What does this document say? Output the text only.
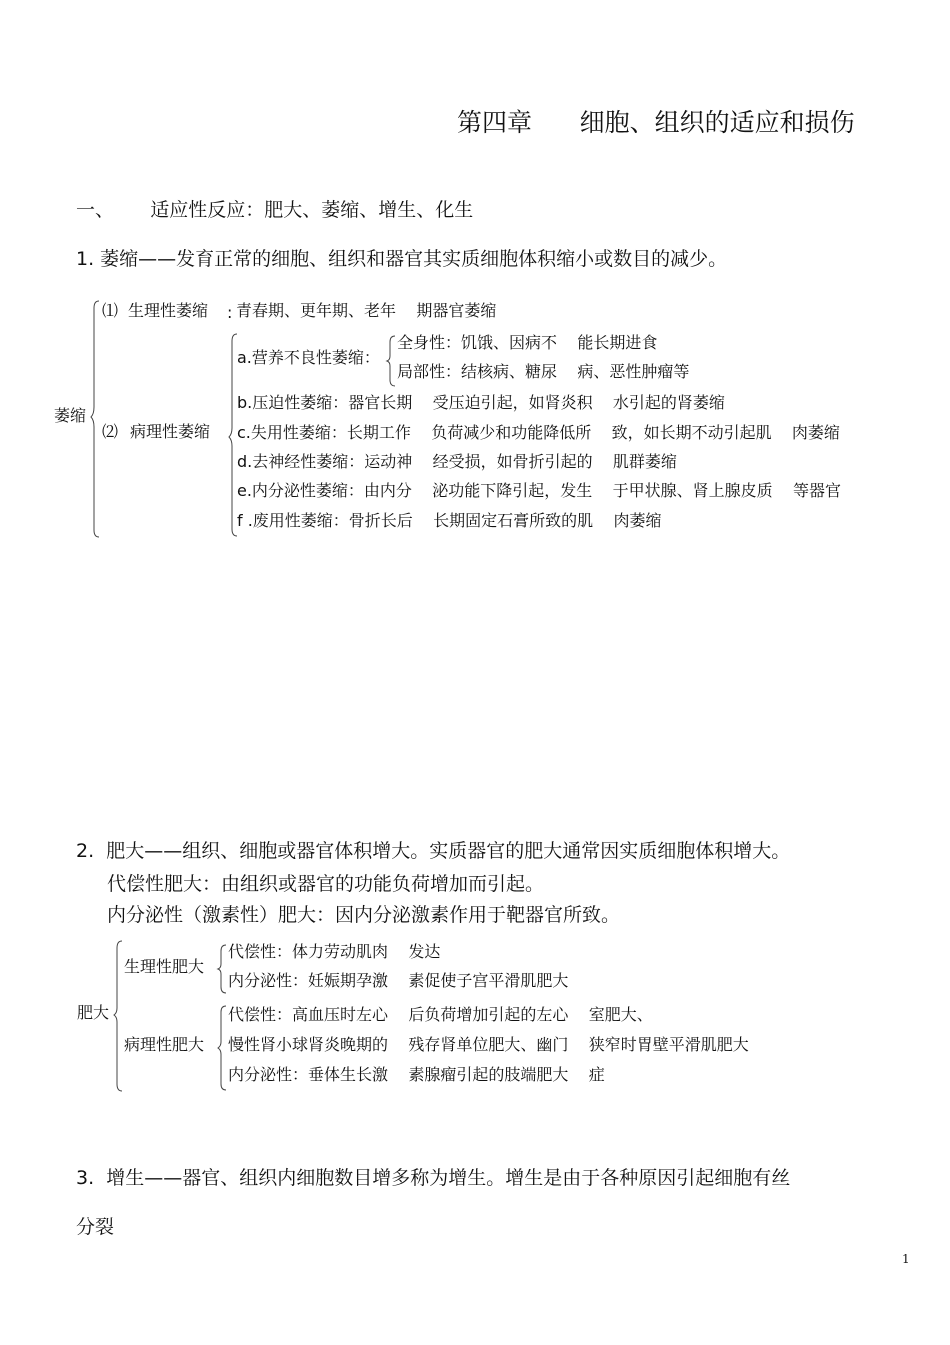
第四章      细胞、组织的适应和损伤
一、      适应性反应：肥大、萎缩、增生、化生
1. 萎缩——发育正常的细胞、组织和器官其实质细胞体积缩小或数目的减少。
萎缩
⑴ 生理性萎缩 : 青春期、更年期、老年    期器官萎缩
⑵ 病理性萎缩
a.营养不良性萎缩：
全身性：饥饿、因病不    能长期进食
局部性：结核病、糖尿    病、恶性肿瘤等
b.压迫性萎缩：器官长期    受压迫引起，如肾炎积    水引起的肾萎缩
c.失用性萎缩：长期工作    负荷减少和功能降低所    致，如长期不动引起肌    肉萎缩
d.去神经性萎缩：运动神    经受损，如骨折引起的    肌群萎缩
e.内分泌性萎缩：由内分    泌功能下降引起，发生    于甲状腺、肾上腺皮质    等器官
f .废用性萎缩：骨折长后    长期固定石膏所致的肌    肉萎缩
2.  肥大——组织、细胞或器官体积增大。实质器官的肥大通常因实质细胞体积增大。
代偿性肥大：由组织或器官的功能负荷增加而引起。
内分泌性（激素性）肥大：因内分泌激素作用于靶器官所致。
肥大
生理性肥大
代偿性：体力劳动肌肉    发达
内分泌性：妊娠期孕激    素促使子宫平滑肌肥大
病理性肥大
代偿性：高血压时左心    后负荷增加引起的左心    室肥大、
慢性肾小球肾炎晚期的    残存肾单位肥大、幽门    狭窄时胃壁平滑肌肥大
内分泌性：垂体生长激    素腺瘤引起的肢端肥大    症
3.  增生——器官、组织内细胞数目增多称为增生。增生是由于各种原因引起细胞有丝
分裂
1
